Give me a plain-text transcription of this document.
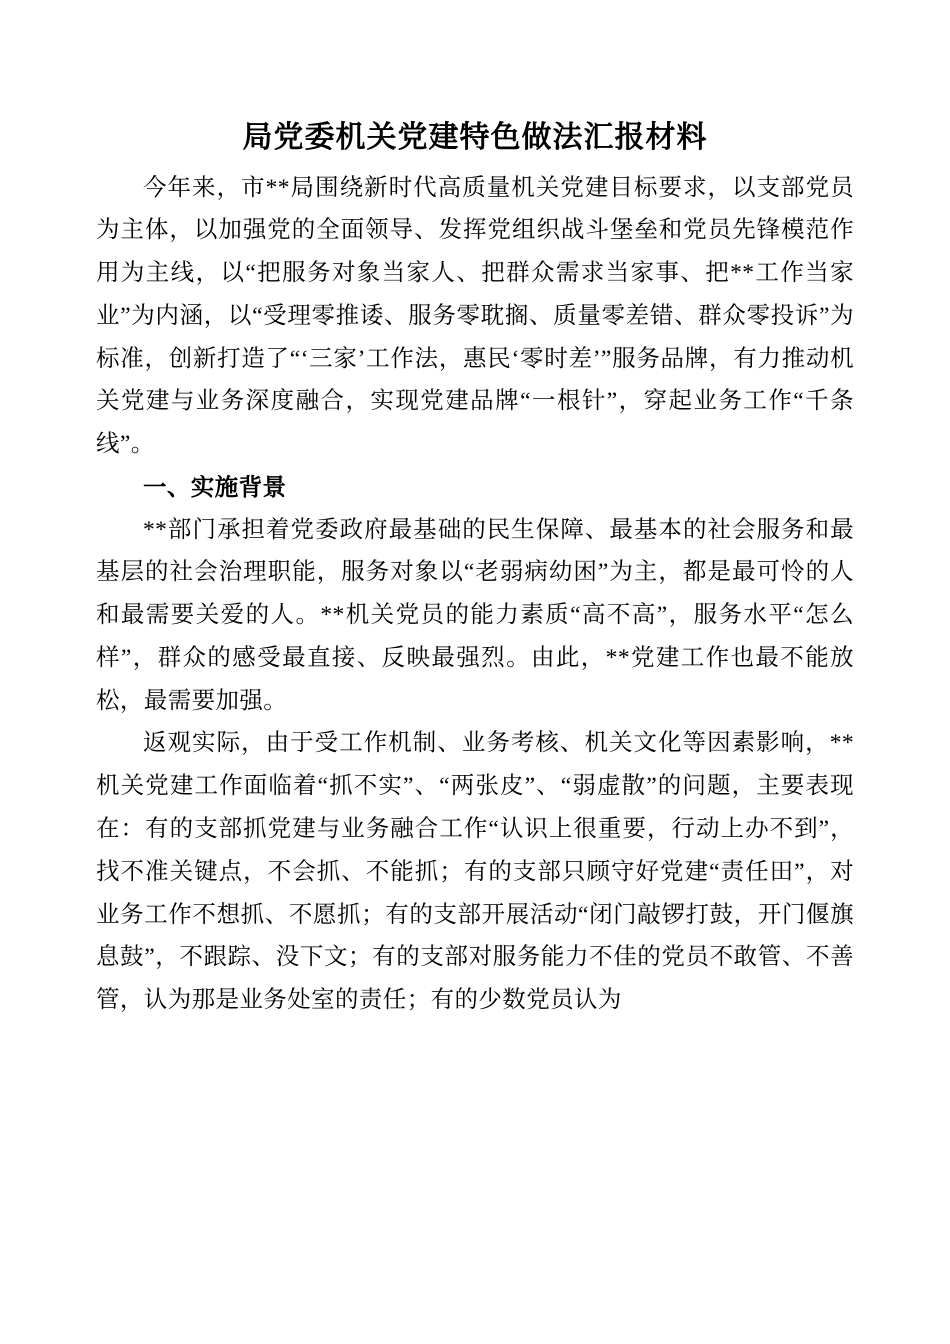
局党委机关党建特色做法汇报材料

今年来，市**局围绕新时代高质量机关党建目标要求，以支部党员为主体，以加强党的全面领导、发挥党组织战斗堡垒和党员先锋模范作用为主线，以“把服务对象当家人、把群众需求当家事、把**工作当家业”为内涵，以“受理零推诿、服务零耽搁、质量零差错、群众零投诉”为标准，创新打造了“‘三家’工作法，惠民‘零时差’”服务品牌，有力推动机关党建与业务深度融合，实现党建品牌“一根针”，穿起业务工作“千条线”。

一、实施背景

**部门承担着党委政府最基础的民生保障、最基本的社会服务和最基层的社会治理职能，服务对象以“老弱病幼困”为主，都是最可怜的人和最需要关爱的人。**机关党员的能力素质“高不高”，服务水平“怎么样”，群众的感受最直接、反映最强烈。由此，**党建工作也最不能放松，最需要加强。

返观实际，由于受工作机制、业务考核、机关文化等因素影响，**机关党建工作面临着“抓不实”、“两张皮”、“弱虚散”的问题，主要表现在：有的支部抓党建与业务融合工作“认识上很重要，行动上办不到”，找不准关键点，不会抓、不能抓；有的支部只顾守好党建“责任田”，对业务工作不想抓、不愿抓；有的支部开展活动“闭门敲锣打鼓，开门偃旗息鼓”，不跟踪、没下文；有的支部对服务能力不佳的党员不敢管、不善管，认为那是业务处室的责任；有的少数党员认为
